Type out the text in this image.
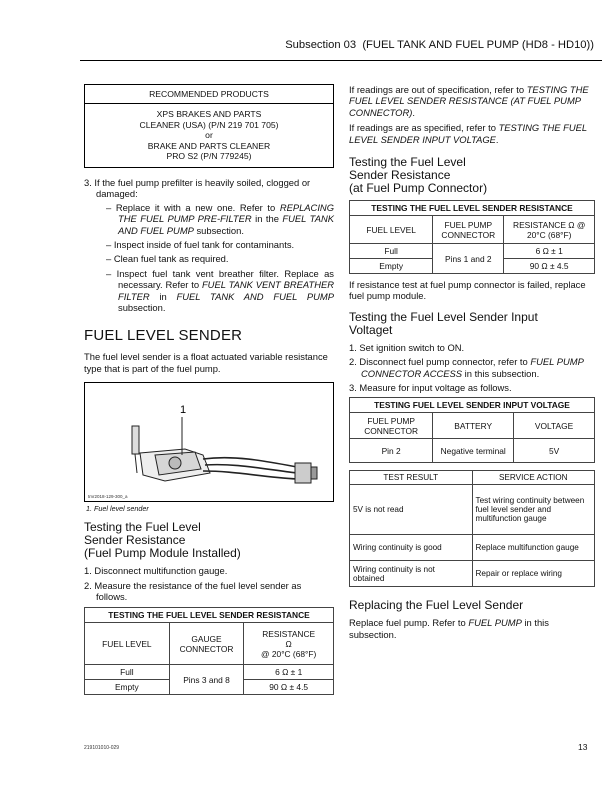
Subsection 03 (FUEL TANK AND FUEL PUMP (HD8 - HD10))
RECOMMENDED PRODUCTS
XPS BRAKES AND PARTS
CLEANER (USA) (P/N 219 701 705)
or
BRAKE AND PARTS CLEANER
PRO S2 (P/N 779245)
3. If the fuel pump prefilter is heavily soiled, clogged or damaged:
– Replace it with a new one. Refer to REPLACING THE FUEL PUMP PRE-FILTER in the FUEL TANK AND FUEL PUMP subsection.
– Inspect inside of fuel tank for contaminants.
– Clean fuel tank as required.
– Inspect fuel tank vent breather filter. Replace as necessary. Refer to FUEL TANK VENT BREATHER FILTER in FUEL TANK AND FUEL PUMP subsection.
FUEL LEVEL SENDER

The fuel level sender is a float actuated variable resistance type that is part of the fuel pump.

1
tmr2018-129-300_a
1. Fuel level sender
Testing the Fuel Level
Sender Resistance
(Fuel Pump Module Installed)
1. Disconnect multifunction gauge.
2. Measure the resistance of the fuel level sender as follows.
TESTING THE FUEL LEVEL SENDER RESISTANCE		
FUEL LEVEL	GAUGE CONNECTOR	RESISTANCE
Ω
@ 20°C (68°F)
Full	Pins 3 and 8	6 Ω ± 1
Empty		90 Ω ± 4.5

If readings are out of specification, refer to TESTING THE FUEL LEVEL SENDER RESISTANCE (AT FUEL PUMP CONNECTOR).

If readings are as specified, refer to TESTING THE FUEL LEVEL SENDER INPUT VOLTAGE.

Testing the Fuel Level
Sender Resistance
(at Fuel Pump Connector)
TESTING THE FUEL LEVEL SENDER RESISTANCE		
FUEL LEVEL	FUEL PUMP CONNECTOR	RESISTANCE Ω @ 20°C (68°F)
Full	Pins 1 and 2	6 Ω ± 1
Empty		90 Ω ± 4.5

If resistance test at fuel pump connector is failed, replace fuel pump module.

Testing the Fuel Level Sender Input
Voltaget
1. Set ignition switch to ON.
2. Disconnect fuel pump connector, refer to FUEL PUMP CONNECTOR ACCESS in this subsection.
3. Measure for input voltage as follows.
TESTING FUEL LEVEL SENDER INPUT VOLTAGE		
FUEL PUMP CONNECTOR	BATTERY	VOLTAGE
Pin 2	Negative terminal	5V
TEST RESULT	SERVICE ACTION
5V is not read	Test wiring continuity between fuel level sender and multifunction gauge
Wiring continuity is good	Replace multifunction gauge
Wiring continuity is not obtained	Repair or replace wiring
Replacing the Fuel Level Sender

Replace fuel pump. Refer to FUEL PUMP in this subsection.

219101010-029	13
